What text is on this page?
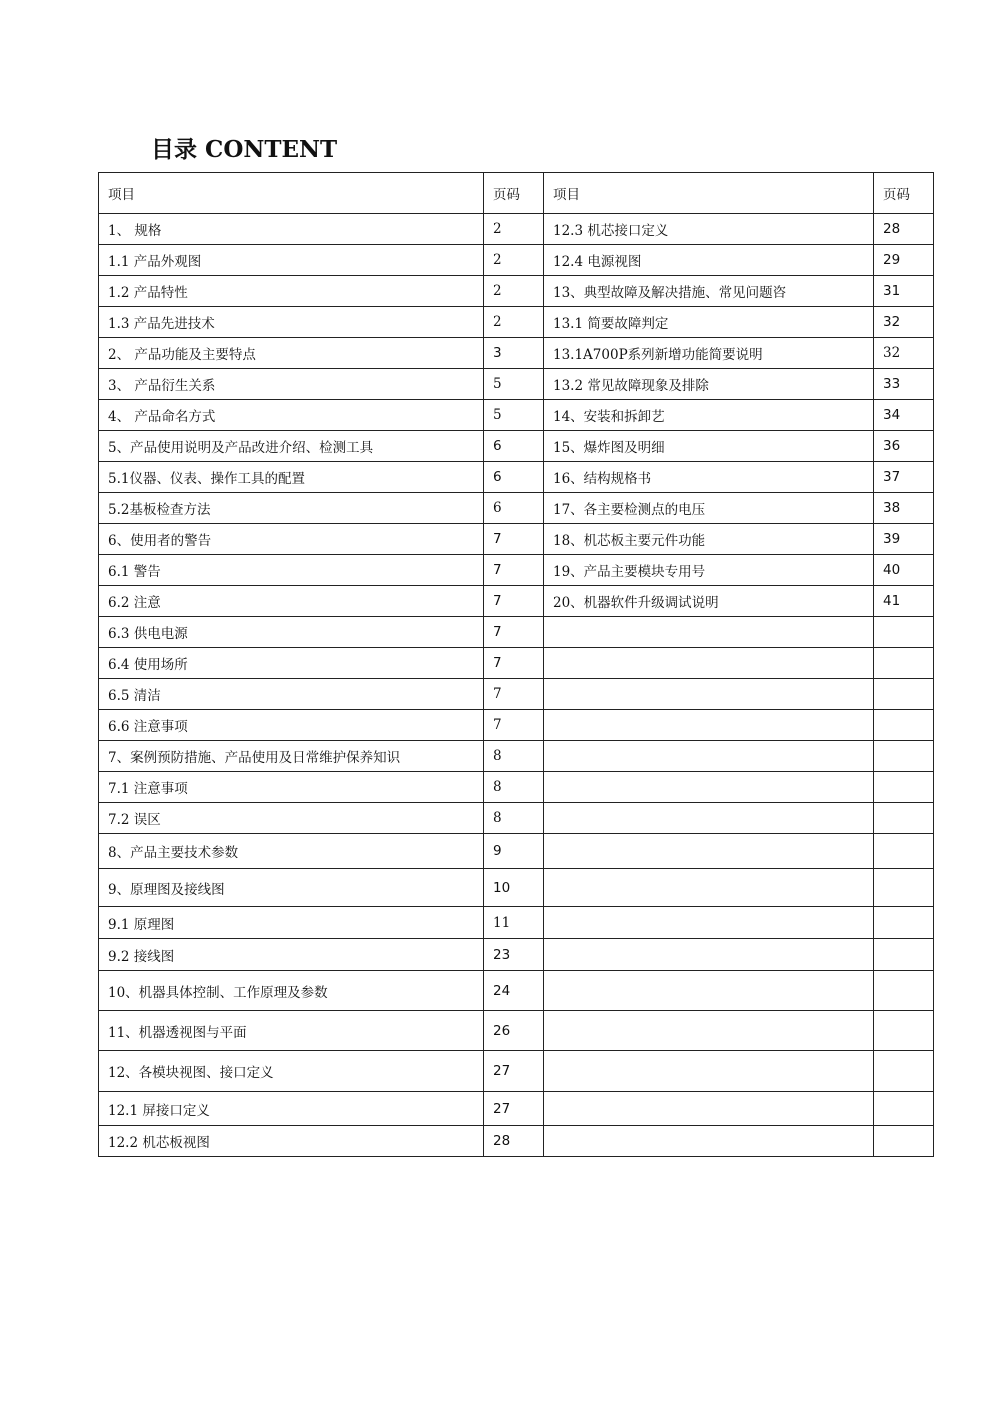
目录 CONTENT
项目	页码	项目	页码
1、 规格	2	12.3 机芯接口定义	28
1.1 产品外观图	2	12.4 电源视图	29
1.2 产品特性	2	13、典型故障及解决措施、常见问题咨	31
1.3 产品先进技术	2	13.1 简要故障判定	32
2、 产品功能及主要特点	3	13.1A700P系列新增功能简要说明	32
3、 产品衍生关系	5	13.2 常见故障现象及排除	33
4、 产品命名方式	5	14、安装和拆卸艺	34
5、产品使用说明及产品改进介绍、检测工具	6	15、爆炸图及明细	36
5.1仪器、仪表、操作工具的配置	6	16、结构规格书	37
5.2基板检查方法	6	17、各主要检测点的电压	38
6、使用者的警告	7	18、机芯板主要元件功能	39
6.1 警告	7	19、产品主要模块专用号	40
6.2 注意	7	20、机器软件升级调试说明	41
6.3 供电电源	7		
6.4 使用场所	7		
6.5 清洁	7		
6.6 注意事项	7		
7、案例预防措施、产品使用及日常维护保养知识	8		
7.1 注意事项	8		
7.2 误区	8		
8、产品主要技术参数	9		
9、原理图及接线图	10		
9.1 原理图	11		
9.2 接线图	23		
10、机器具体控制、工作原理及参数	24		
11、机器透视图与平面	26		
12、各模块视图、接口定义	27		
12.1 屏接口定义	27		
12.2 机芯板视图	28		
